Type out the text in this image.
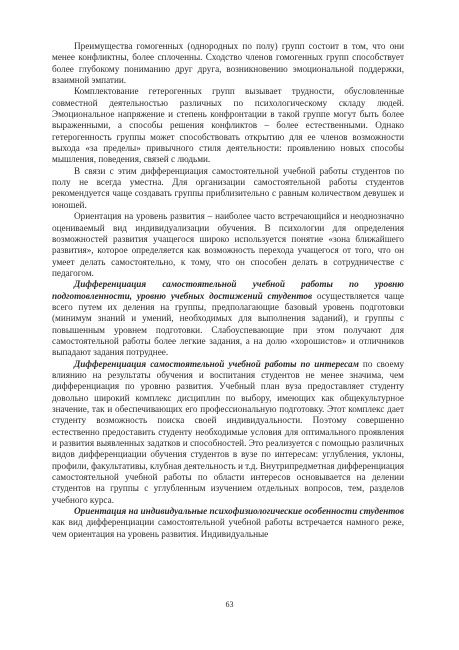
Преимущества гомогенных (однородных по полу) групп состоит в том, что они менее конфликтны, более сплоченны. Сходство членов гомогенных групп способствует более глубокому пониманию друг друга, возникновению эмоциональной поддержки, взаимной эмпатии.

Комплектование гетерогенных групп вызывает трудности, обусловленные совместной деятельностью различных по психологическому складу людей. Эмоциональное напряжение и степень конфронтации в такой группе могут быть более выраженными, а способы решения конфликтов – более естественными. Однако гетерогенность группы может способствовать открытию для ее членов возможности выхода «за пределы» привычного стиля деятельности: проявлению новых способы мышления, поведения, связей с людьми.

В связи с этим дифференциация самостоятельной учебной работы студентов по полу не всегда уместна. Для организации самостоятельной работы студентов рекомендуется чаще создавать группы приблизительно с равным количеством девушек и юношей.

Ориентация на уровень развития – наиболее часто встречающийся и неоднозначно оцениваемый вид индивидуализации обучения. В психологии для определения возможностей развития учащегося широко используется понятие «зона ближайшего развития», которое определяется как возможность перехода учащегося от того, что он умеет делать самостоятельно, к тому, что он способен делать в сотрудничестве с педагогом.

Дифференциация самостоятельной учебной работы по уровню подготовленности, уровню учебных достижений студентов осуществляется чаще всего путем их деления на группы, предполагающие базовый уровень подготовки (минимум знаний и умений, необходимых для выполнения заданий), и группы с повышенным уровнем подготовки. Слабоуспевающие при этом получают для самостоятельной работы более легкие задания, а на долю «хорошистов» и отличников выпадают задания потруднее.

Дифференциация самостоятельной учебной работы по интересам по своему влиянию на результаты обучения и воспитания студентов не менее значима, чем дифференциация по уровню развития. Учебный план вуза предоставляет студенту довольно широкий комплекс дисциплин по выбору, имеющих как общекультурное значение, так и обеспечивающих его профессиональную подготовку. Этот комплекс дает студенту возможность поиска своей индивидуальности. Поэтому совершенно естественно предоставить студенту необходимые условия для оптимального проявления и развития выявленных задатков и способностей. Это реализуется с помощью различных видов дифференциации обучения студентов в вузе по интересам: углубления, уклоны, профили, факультативы, клубная деятельность и т.д. Внутрипредметная дифференциация самостоятельной учебной работы по области интересов основывается на делении студентов на группы с углубленным изучением отдельных вопросов, тем, разделов учебного курса.

Ориентация на индивидуальные психофизиологические особенности студентов как вид дифференциации самостоятельной учебной работы встречается намного реже, чем ориентация на уровень развития. Индивидуальные

63
